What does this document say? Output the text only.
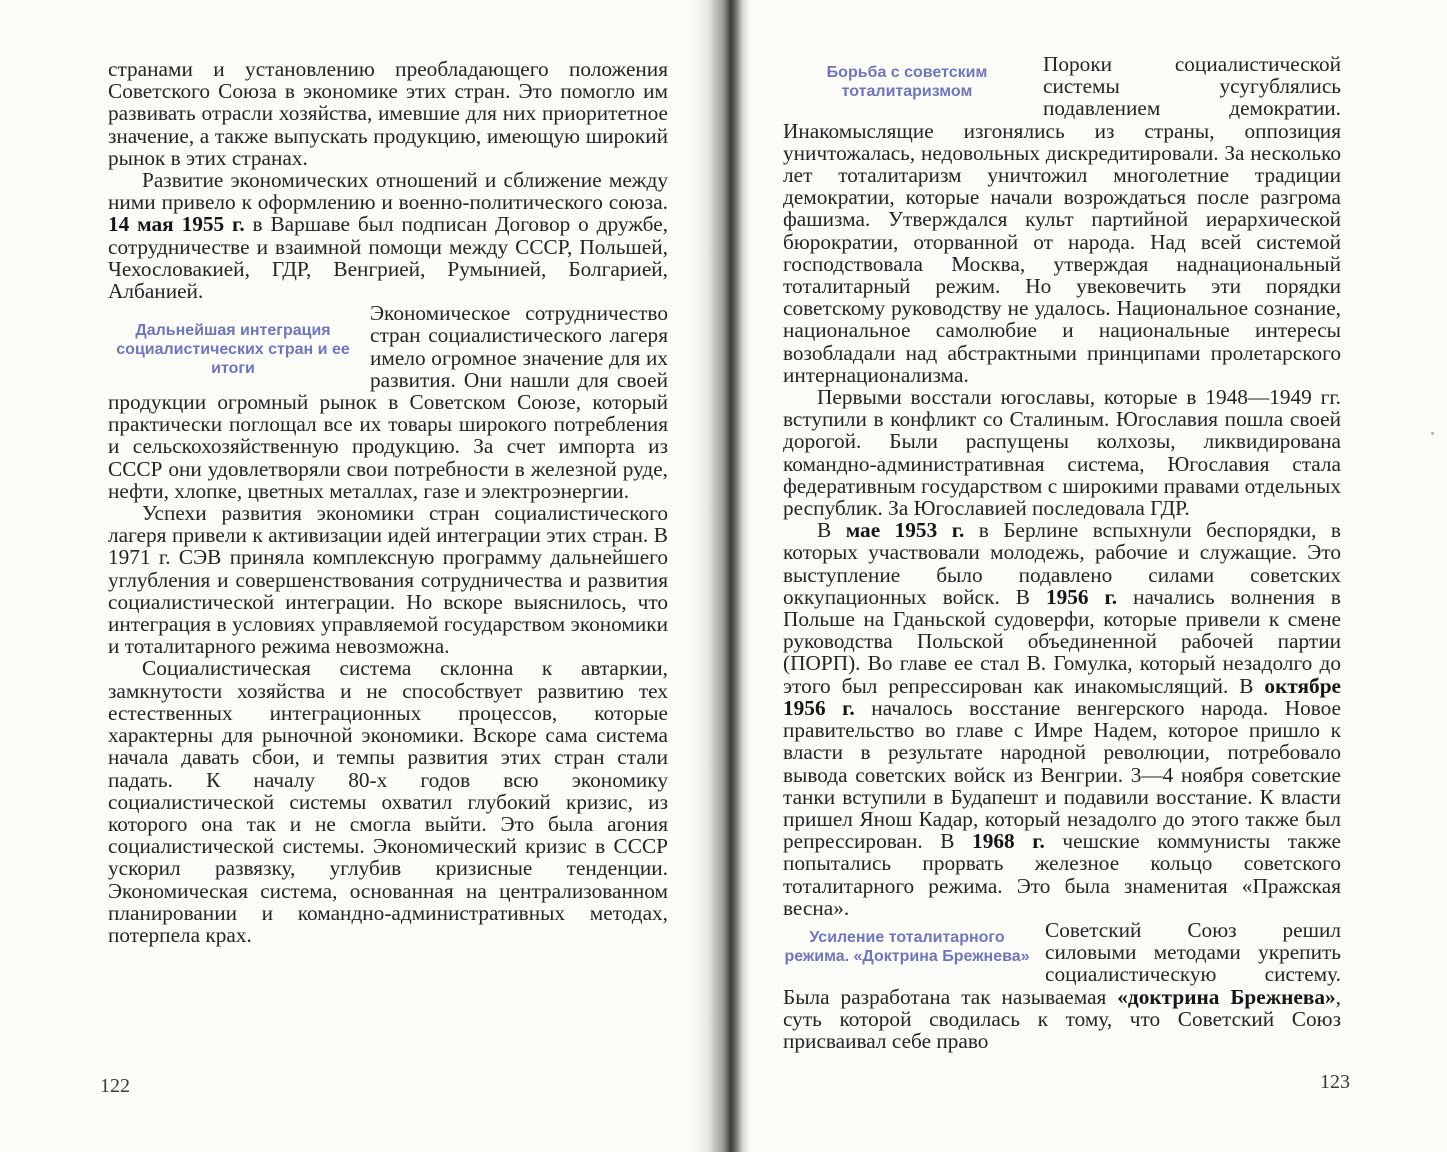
странами и установлению преобладающего положения Советского Союза в экономике этих стран. Это помогло им развивать отрасли хозяйства, имевшие для них приоритетное значение, а также выпускать продукцию, имеющую широкий рынок в этих странах.

Развитие экономических отношений и сближение между ними привело к оформлению и военно-политического союза. 14 мая 1955 г. в Варшаве был подписан Договор о дружбе, сотрудничестве и взаимной помощи между СССР, Польшей, Чехословакией, ГДР, Венгрией, Румынией, Болгарией, Албанией.

Дальнейшая интеграция социалистических стран и ее итоги
Экономическое сотрудничество стран социалистического лагеря имело огромное значение для их развития. Они нашли для своей продукции огромный рынок в Советском Союзе, который практически поглощал все их товары широкого потребления и сельскохозяйственную продукцию. За счет импорта из СССР они удовлетворяли свои потребности в железной руде, нефти, хлопке, цветных металлах, газе и электроэнергии.

Успехи развития экономики стран социалистического лагеря привели к активизации идей интеграции этих стран. В 1971 г. СЭВ приняла комплексную программу дальнейшего углубления и совершенствования сотрудничества и развития социалистической интеграции. Но вскоре выяснилось, что интеграция в условиях управляемой государством экономики и тоталитарного режима невозможна.

Социалистическая система склонна к автаркии, замкнутости хозяйства и не способствует развитию тех естественных интеграционных процессов, которые характерны для рыночной экономики. Вскоре сама система начала давать сбои, и темпы развития этих стран стали падать. К началу 80-х годов всю экономику социалистической системы охватил глубокий кризис, из которого она так и не смогла выйти. Это была агония социалистической системы. Экономический кризис в СССР ускорил развязку, углубив кризисные тенденции. Экономическая система, основанная на централизованном планировании и командно-административных методах, потерпела крах.

122

Борьба с советским тоталитаризмом
Пороки социалистической системы усугублялись подавлением демократии. Инакомыслящие изгонялись из страны, оппозиция уничтожалась, недовольных дискредитировали. За несколько лет тоталитаризм уничтожил многолетние традиции демократии, которые начали возрождаться после разгрома фашизма. Утверждался культ партийной иерархической бюрократии, оторванной от народа. Над всей системой господствовала Москва, утверждая наднациональный тоталитарный режим. Но увековечить эти порядки советскому руководству не удалось. Национальное сознание, национальное самолюбие и национальные интересы возобладали над абстрактными принципами пролетарского интернационализма.

Первыми восстали югославы, которые в 1948—1949 гг. вступили в конфликт со Сталиным. Югославия пошла своей дорогой. Были распущены колхозы, ликвидирована командно-административная система, Югославия стала федеративным государством с широкими правами отдельных республик. За Югославией последовала ГДР.

В мае 1953 г. в Берлине вспыхнули беспорядки, в которых участвовали молодежь, рабочие и служащие. Это выступление было подавлено силами советских оккупационных войск. В 1956 г. начались волнения в Польше на Гданьской судоверфи, которые привели к смене руководства Польской объединенной рабочей партии (ПОРП). Во главе ее стал В. Гомулка, который незадолго до этого был репрессирован как инакомыслящий. В октябре 1956 г. началось восстание венгерского народа. Новое правительство во главе с Имре Надем, которое пришло к власти в результате народной революции, потребовало вывода советских войск из Венгрии. 3—4 ноября советские танки вступили в Будапешт и подавили восстание. К власти пришел Янош Кадар, который незадолго до этого также был репрессирован. В 1968 г. чешские коммунисты также попытались прорвать железное кольцо советского тоталитарного режима. Это была знаменитая «Пражская весна».

Усиление тоталитарного режима. «Доктрина Брежнева»
Советский Союз решил силовыми методами укрепить социалистическую систему. Была разработана так называемая «доктрина Брежнева», суть которой сводилась к тому, что Советский Союз присваивал себе право

123
